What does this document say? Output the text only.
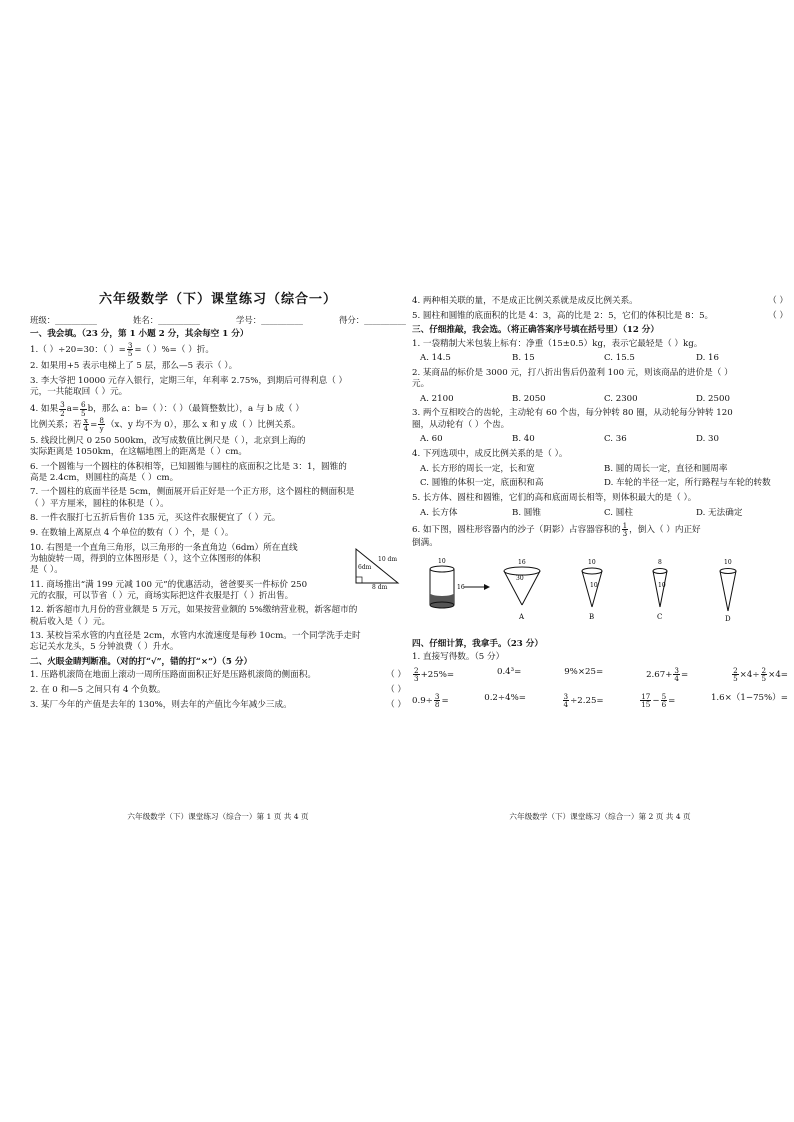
六年级数学（下）课堂练习（综合一）
班级：__________	姓名：__________	学号：__________	得分：__________
一、我会填。（23 分，第 1 小题 2 分，其余每空 1 分）
1.（ ）÷20=30：（ ）= $\frac{3}{5}$ =（ ）%=（ ）折。
2. 如果用+5 表示电梯上了 5 层，那么—5 表示（ ）。
3. 李大爷把 10000 元存入银行，定期三年，年利率 2.75%，到期后可得利息（ ）
元，一共能取回（ ）元。
4. 如果 $\frac{3}{2} a= \frac{6}{5}$ b，那么 a：b=（ ）：（ ）（最简整数比），a 与 b 成（ ）
比例关系；若 $\frac{x}{4} = \frac{8}{y} (x$、y 均不为 0），那么 x 和 y 成（ ）比例关系。
5. 线段比例尺 0 250 500km，改写成数值比例尺是（ ），北京到上海的
实际距离是 1050km，在这幅地图上的距离是（ ）cm。
6. 一个圆锥与一个圆柱的体积相等，已知圆锥与圆柱的底面积之比是 3：1，圆锥的
高是 2.4cm，则圆柱的高是（ ）cm。
7. 一个圆柱的底面半径是 5cm，侧面展开后正好是一个正方形，这个圆柱的侧面积是
（ ）平方厘米，圆柱的体积是（ ）。
8. 一件衣服打七五折后售价 135 元，买这件衣服便宜了（ ）元。
9. 在数轴上离原点 4 个单位的数有（ ）个，是（ ）。
10. 右图是一个直角三角形，以三角形的一条直角边（6dm）所在直线
为轴旋转一周，得到的立体图形是（ ），这个立体图形的体积
是（ ）。
10 dm
6dm
8 dm
11. 商场推出“满 199 元减 100 元”的优惠活动，爸爸要买一件标价 250
元的衣服，可以节省（ ）元，商场实际把这件衣服是打（ ）折出售。
12. 新客超市九月份的营业额是 5 万元，如果按营业额的 5%缴纳营业税，新客超市的
税后收入是（ ）元。
13. 某校旨采水管的内直径是 2cm，水管内水流速度是每秒 10cm。一个同学洗手走时
忘记关水龙头，5 分钟浪费（ ）升水。
二、火眼金睛判断准。（对的打“√”，错的打“×”）（5 分）
1. 压路机滚筒在地面上滚动一周所压路面面积正好是压路机滚筒的侧面积。	（ ）
2. 在 0 和—5 之间只有 4 个负数。	（ ）
3. 某厂今年的产值是去年的 130%，则去年的产值比今年减少三成。	（ ）
六年级数学（下）课堂练习（综合一）第 1 页 共 4 页
4. 两种相关联的量，不是成正比例关系就是成反比例关系。	（ ）
5. 圆柱和圆锥的底面积的比是 4：3，高的比是 2：5，它们的体积比是 8：5。	（ ）
三、仔细推敲，我会选。（将正确答案序号填在括号里）（12 分）
1. 一袋精制大米包装上标有：净重（15±0.5）kg，表示它最轻是（ ）kg。
A. 14.5	B. 15	C. 15.5	D. 16
2. 某商品的标价是 3000 元，打八折出售后仍盈利 100 元，则该商品的进价是（ ）
元。
A. 2100	B. 2050	C. 2300	D. 2500
3. 两个互相咬合的齿轮，主动轮有 60 个齿，每分钟转 80 圈，从动轮每分钟转 120
圈，从动轮有（ ）个齿。
A. 60	B. 40	C. 36	D. 30
4. 下列选项中，成反比例关系的是（ ）。
A. 长方形的周长一定，长和宽	B. 圆的周长一定，直径和圆周率
C. 圆锥的体积一定，底面积和高	D. 车轮的半径一定，所行路程与车轮的转数
5. 长方体、圆柱和圆锥，它们的高和底面周长相等，则体积最大的是（ ）。
A. 长方体	B. 圆锥	C. 圆柱	D. 无法确定
6. 如下图，圆柱形容器内的沙子（阴影）占容器容积的 $\frac{1}{3}$ ，倒入（ ）内正好
倒满。
10
16
16
30
A
10
10
B
8
10
C
10
D
四、仔细计算，我拿手。（23 分）
1. 直接写得数。（5 分）
$\frac{2}{3} +25\%=$	0.4³=	9%×25=	$2.67+ \frac{3}{4}$ =	$\frac{2}{5} \times 4\div \frac{2}{5} \times 4=$
$0.9\div \frac{3}{8}$ =	0.2÷4%=	$\frac{3}{4} \div 2.25=$	$\frac{17}{15} - \frac{5}{6}$ =	1.6×（1−75%）=
六年级数学（下）课堂练习（综合一）第 2 页 共 4 页
